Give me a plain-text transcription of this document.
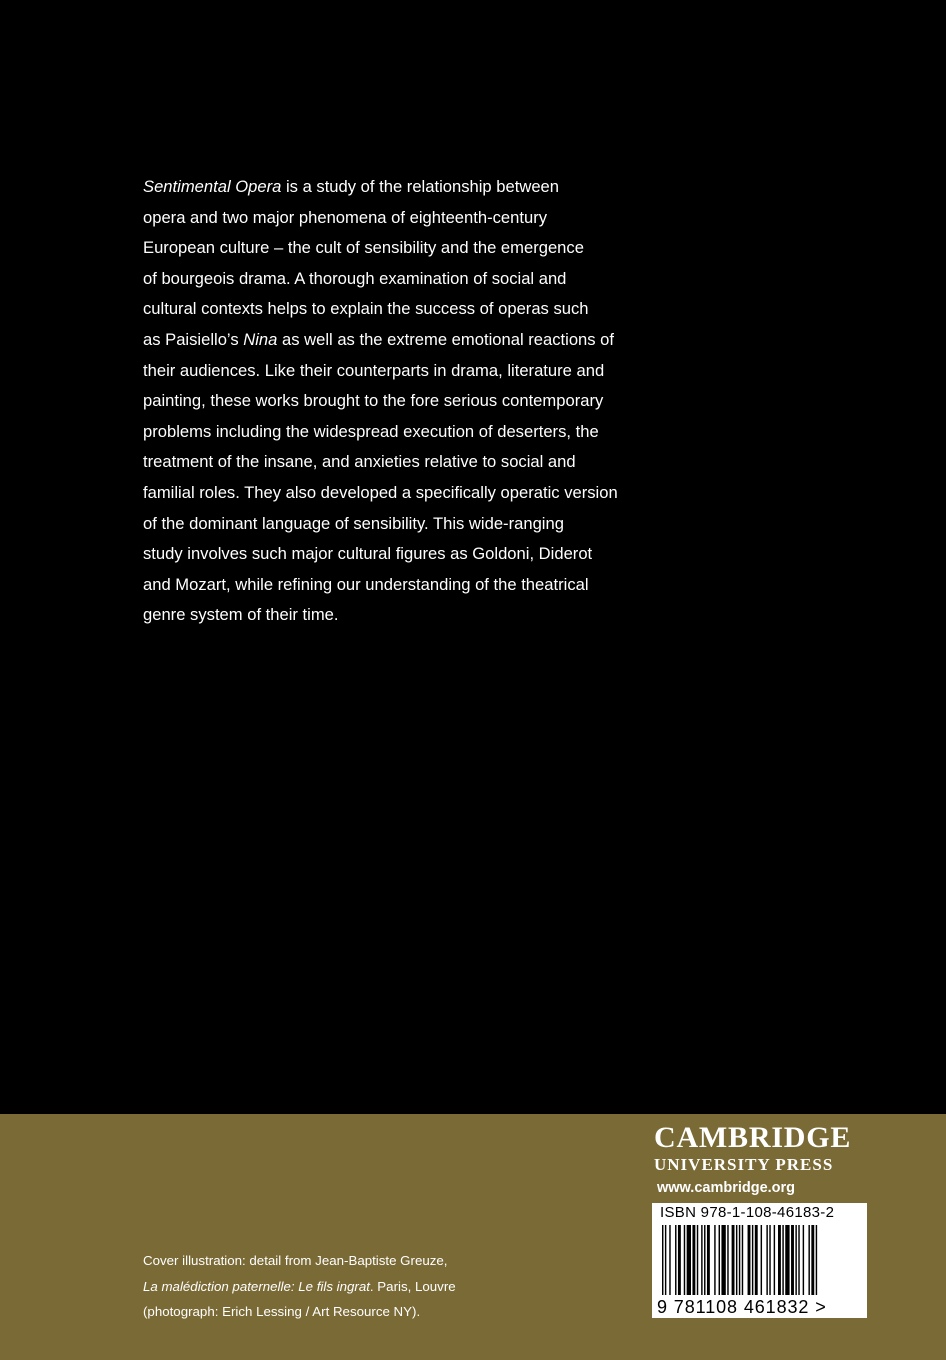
Sentimental Opera is a study of the relationship between
opera and two major phenomena of eighteenth-century
European culture – the cult of sensibility and the emergence
of bourgeois drama. A thorough examination of social and
cultural contexts helps to explain the success of operas such
as Paisiello’s Nina as well as the extreme emotional reactions of
their audiences. Like their counterparts in drama, literature and
painting, these works brought to the fore serious contemporary
problems including the widespread execution of deserters, the
treatment of the insane, and anxieties relative to social and
familial roles. They also developed a specifically operatic version
of the dominant language of sensibility. This wide-ranging
study involves such major cultural figures as Goldoni, Diderot
and Mozart, while refining our understanding of the theatrical
genre system of their time.
CAMBRIDGE
UNIVERSITY PRESS
www.cambridge.org
ISBN 978-1-108-46183-2
9 781108 461832 >
Cover illustration: detail from Jean-Baptiste Greuze,
La malédiction paternelle: Le fils ingrat. Paris, Louvre
(photograph: Erich Lessing / Art Resource NY).
